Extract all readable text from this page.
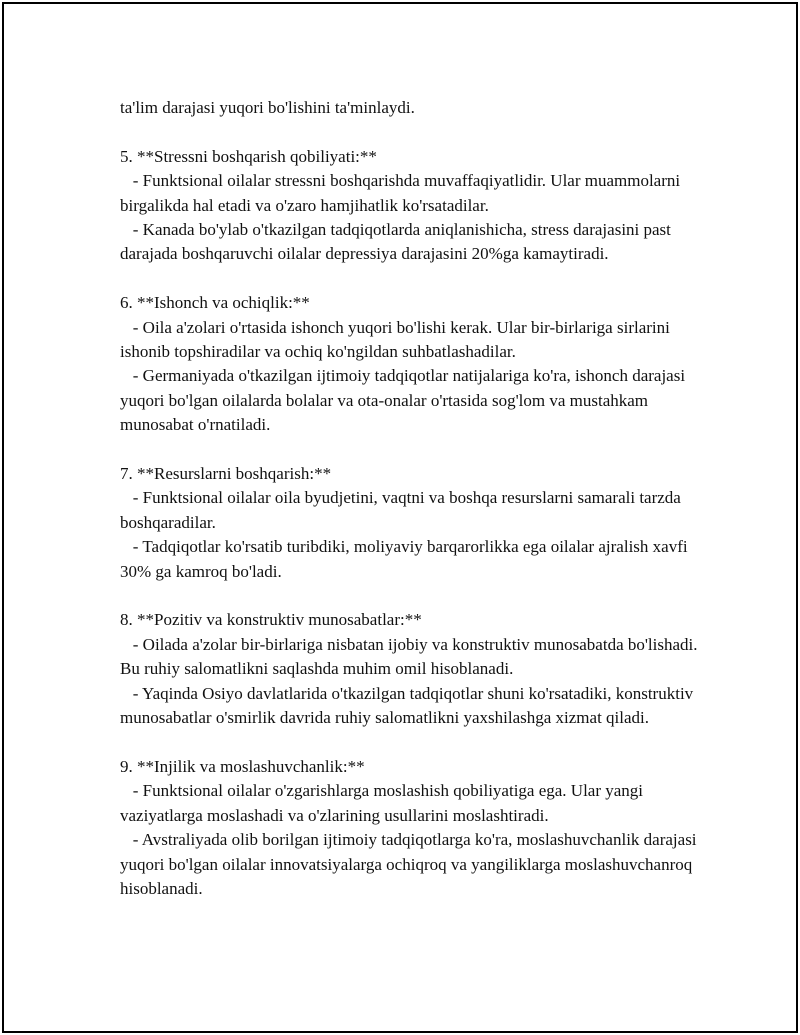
ta'lim darajasi yuqori bo'lishini ta'minlaydi.

5. **Stressni boshqarish qobiliyati:**

- Funktsional oilalar stressni boshqarishda muvaffaqiyatlidir. Ular muammolarni birgalikda hal etadi va o'zaro hamjihatlik ko'rsatadilar.

- Kanada bo'ylab o'tkazilgan tadqiqotlarda aniqlanishicha, stress darajasini past darajada boshqaruvchi oilalar depressiya darajasini 20%ga kamaytiradi.

6. **Ishonch va ochiqlik:**

- Oila a'zolari o'rtasida ishonch yuqori bo'lishi kerak. Ular bir-birlariga sirlarini ishonib topshiradilar va ochiq ko'ngildan suhbatlashadilar.

- Germaniyada o'tkazilgan ijtimoiy tadqiqotlar natijalariga ko'ra, ishonch darajasi yuqori bo'lgan oilalarda bolalar va ota-onalar o'rtasida sog'lom va mustahkam munosabat o'rnatiladi.

7. **Resurslarni boshqarish:**

- Funktsional oilalar oila byudjetini, vaqtni va boshqa resurslarni samarali tarzda boshqaradilar.

- Tadqiqotlar ko'rsatib turibdiki, moliyaviy barqarorlikka ega oilalar ajralish xavfi 30% ga kamroq bo'ladi.

8. **Pozitiv va konstruktiv munosabatlar:**

- Oilada a'zolar bir-birlariga nisbatan ijobiy va konstruktiv munosabatda bo'lishadi. Bu ruhiy salomatlikni saqlashda muhim omil hisoblanadi.

- Yaqinda Osiyo davlatlarida o'tkazilgan tadqiqotlar shuni ko'rsatadiki, konstruktiv munosabatlar o'smirlik davrida ruhiy salomatlikni yaxshilashga xizmat qiladi.

9. **Injilik va moslashuvchanlik:**

- Funktsional oilalar o'zgarishlarga moslashish qobiliyatiga ega. Ular yangi vaziyatlarga moslashadi va o'zlarining usullarini moslashtiradi.

- Avstraliyada olib borilgan ijtimoiy tadqiqotlarga ko'ra, moslashuvchanlik darajasi yuqori bo'lgan oilalar innovatsiyalarga ochiqroq va yangiliklarga moslashuvchanroq hisoblanadi.
